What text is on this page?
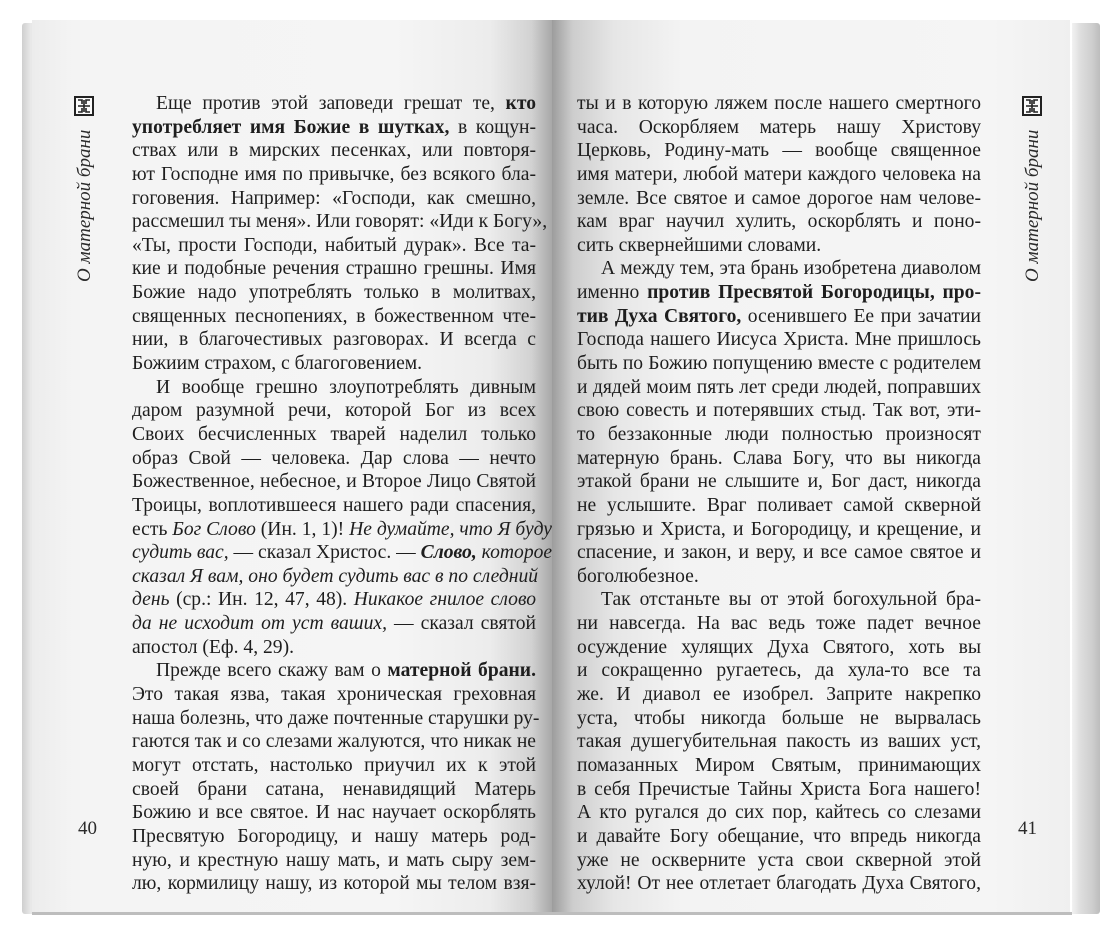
О матерной брани
Еще против этой заповеди грешат те, кто
употребляет имя Божие в шутках, в кощун-
ствах или в мирских песенках, или повторя-
ют Господне имя по привычке, без всякого бла-
гоговения. Например: «Господи, как смешно,
рассмешил ты меня». Или говорят: «Иди к Богу»,
«Ты, прости Господи, набитый дурак». Все та-
кие и подобные речения страшно грешны. Имя
Божие надо употреблять только в молитвах,
священных песнопениях, в божественном чте-
нии, в благочестивых разговорах. И всегда с
Божиим страхом, с благоговением.
И вообще грешно злоупотреблять дивным
даром разумной речи, которой Бог из всех
Своих бесчисленных тварей наделил только
образ Свой — человека. Дар слова — нечто
Божественное, небесное, и Второе Лицо Святой
Троицы, воплотившееся нашего ради спасения,
есть Бог Слово (Ин. 1, 1)! Не думайте, что Я буду
судить вас, — сказал Христос. — Слово, которое
сказал Я вам, оно будет судить вас в по следний
день (ср.: Ин. 12, 47, 48). Никакое гнилое слово
да не исходит от уст ваших, — сказал святой
апостол (Еф. 4, 29).
Прежде всего скажу вам о матерной брани.
Это такая язва, такая хроническая греховная
наша болезнь, что даже почтенные старушки ру-
гаются так и со слезами жалуются, что никак не
могут отстать, настолько приучил их к этой
своей брани сатана, ненавидящий Матерь
Божию и все святое. И нас научает оскорблять
Пресвятую Богородицу, и нашу матерь род-
ную, и крестную нашу мать, и мать сыру зем-
лю, кормилицу нашу, из которой мы телом взя-
40
О матерной брани
ты и в которую ляжем после нашего смертного
часа. Оскорбляем матерь нашу Христову
Церковь, Родину-мать — вообще священное
имя матери, любой матери каждого человека на
земле. Все святое и самое дорогое нам челове-
кам враг научил хулить, оскорблять и поно-
сить сквернейшими словами.
А между тем, эта брань изобретена диаволом
именно против Пресвятой Богородицы, про-
тив Духа Святого, осенившего Ее при зачатии
Господа нашего Иисуса Христа. Мне пришлось
быть по Божию попущению вместе с родителем
и дядей моим пять лет среди людей, поправших
свою совесть и потерявших стыд. Так вот, эти-
то беззаконные люди полностью произносят
матерную брань. Слава Богу, что вы никогда
этакой брани не слышите и, Бог даст, никогда
не услышите. Враг поливает самой скверной
грязью и Христа, и Богородицу, и крещение, и
спасение, и закон, и веру, и все самое святое и
боголюбезное.
Так отстаньте вы от этой богохульной бра-
ни навсегда. На вас ведь тоже падет вечное
осуждение хулящих Духа Святого, хоть вы
и сокращенно ругаетесь, да хула-то все та
же. И диавол ее изобрел. Заприте накрепко
уста, чтобы никогда больше не вырвалась
такая душегубительная пакость из ваших уст,
помазанных Миром Святым, принимающих
в себя Пречистые Тайны Христа Бога нашего!
А кто ругался до сих пор, кайтесь со слезами
и давайте Богу обещание, что впредь никогда
уже не оскверните уста свои скверной этой
хулой! От нее отлетает благодать Духа Святого,
41
